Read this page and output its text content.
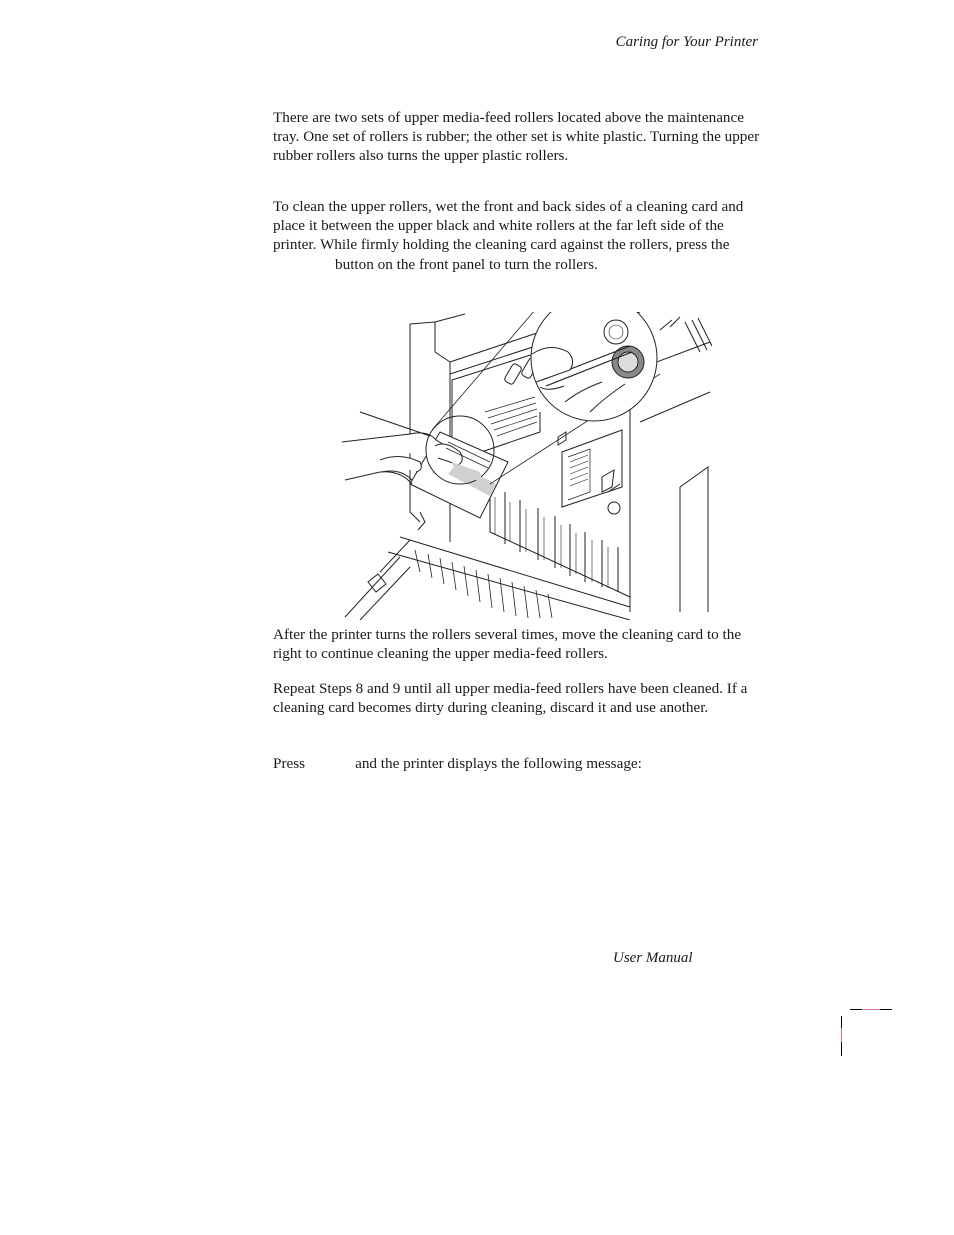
Caring for Your Printer

There are two sets of upper media-feed rollers located above the maintenance tray. One set of rollers is rubber; the other set is white plastic. Turning the upper rubber rollers also turns the upper plastic rollers.

To clean the upper rollers, wet the front and back sides of a cleaning card and place it between the upper black and white rollers at the far left side of the printer. While firmly holding the cleaning card against the rollers, press thebutton on the front panel to turn the rollers.

After the printer turns the rollers several times, move the cleaning card to the right to continue cleaning the upper media-feed rollers.

Repeat Steps 8 and 9 until all upper media-feed rollers have been cleaned. If a cleaning card becomes dirty during cleaning, discard it and use another.

Press	and the printer displays the following message:

User Manual
